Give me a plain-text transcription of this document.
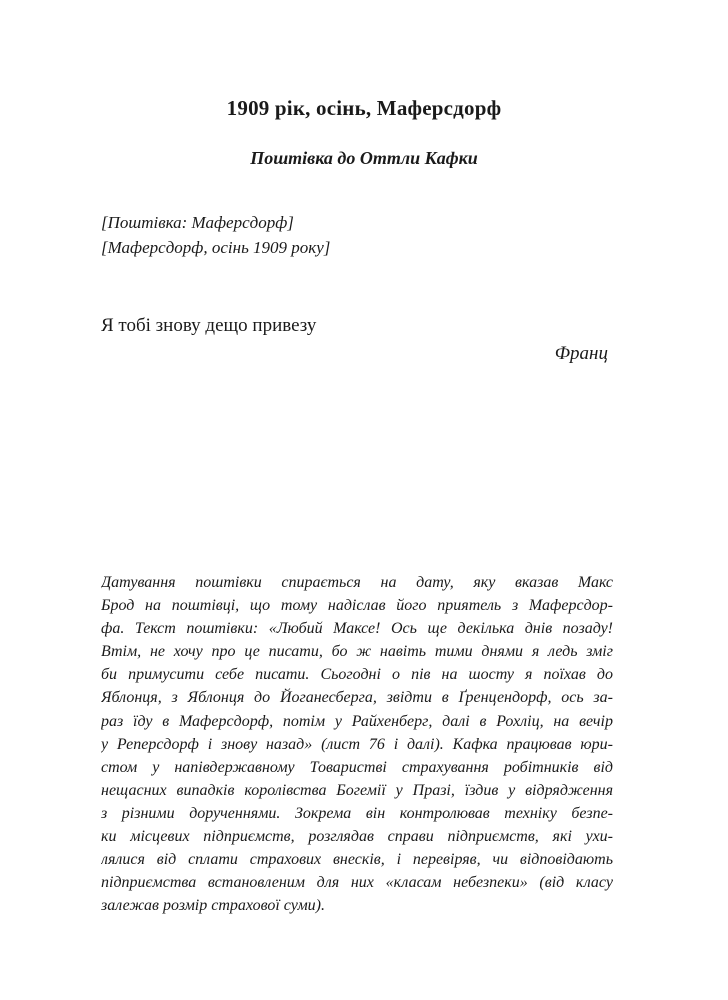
1909 рік, осінь, Маферсдорф
Поштівка до Оттли Кафки
[Поштівка: Маферсдорф]
[Маферсдорф, осінь 1909 року]
Я тобі знову дещо привезу
Франц
Датування поштівки спирається на дату, яку вказав Макс
Брод на поштівці, що тому надіслав його приятель з Маферсдор-
фа. Текст поштівки: «Любий Максе! Ось ще декілька днів позаду!
Втім, не хочу про це писати, бо ж навіть тими днями я ледь зміг
би примусити себе писати. Сьогодні о пів на шосту я поїхав до
Яблонця, з Яблонця до Йоганесберга, звідти в Ґренцендорф, ось за-
раз їду в Маферсдорф, потім у Райхенберг, далі в Рохліц, на вечір
у Реперсдорф і знову назад» (лист 76 і далі). Кафка працював юри-
стом у напівдержавному Товаристві страхування робітників від
нещасних випадків королівства Богемії у Празі, їздив у відрядження
з різними дорученнями. Зокрема він контролював техніку безпе-
ки місцевих підприємств, розглядав справи підприємств, які ухи-
лялися від сплати страхових внесків, і перевіряв, чи відповідають
підприємства встановленим для них «класам небезпеки» (від класу
залежав розмір страхової суми).
